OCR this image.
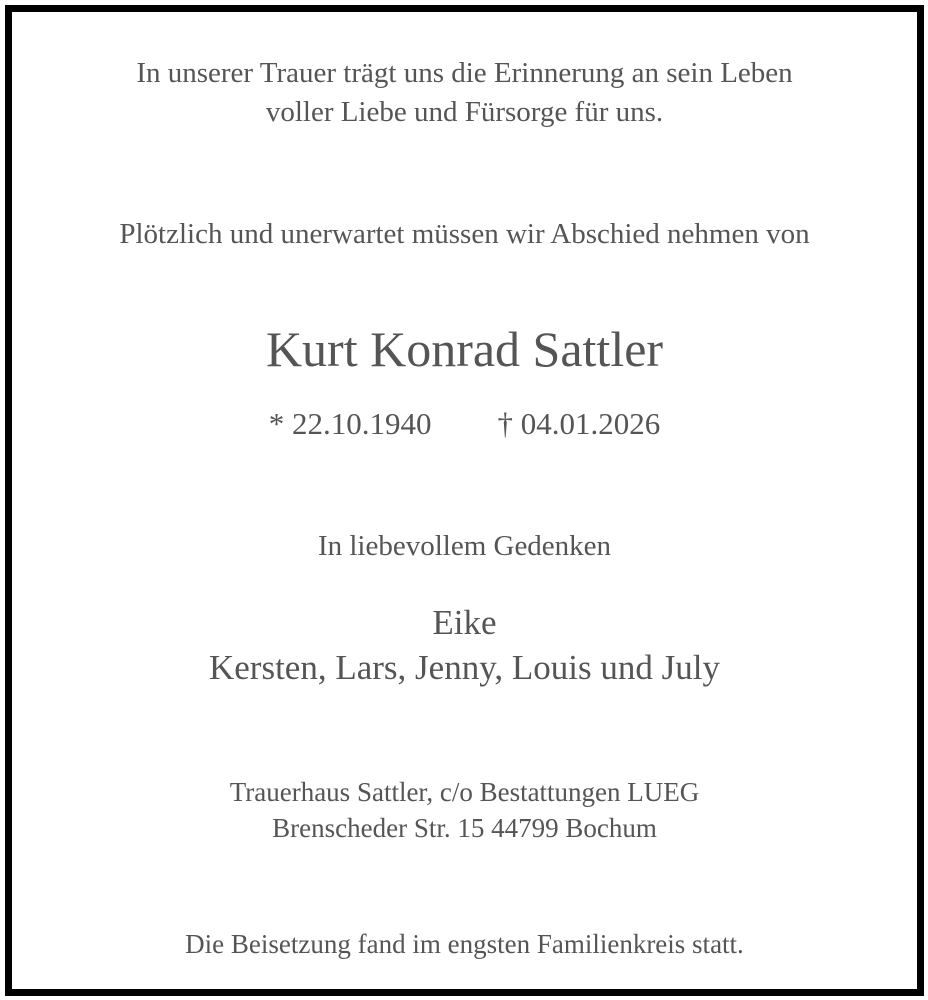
In unserer Trauer trägt uns die Erinnerung an sein Leben
voller Liebe und Fürsorge für uns.
Plötzlich und unerwartet müssen wir Abschied nehmen von
Kurt Konrad Sattler
* 22.10.1940 † 04.01.2026
In liebevollem Gedenken
Eike
Kersten, Lars, Jenny, Louis und July
Trauerhaus Sattler, c/o Bestattungen LUEG
Brenscheder Str. 15 44799 Bochum
Die Beisetzung fand im engsten Familienkreis statt.
